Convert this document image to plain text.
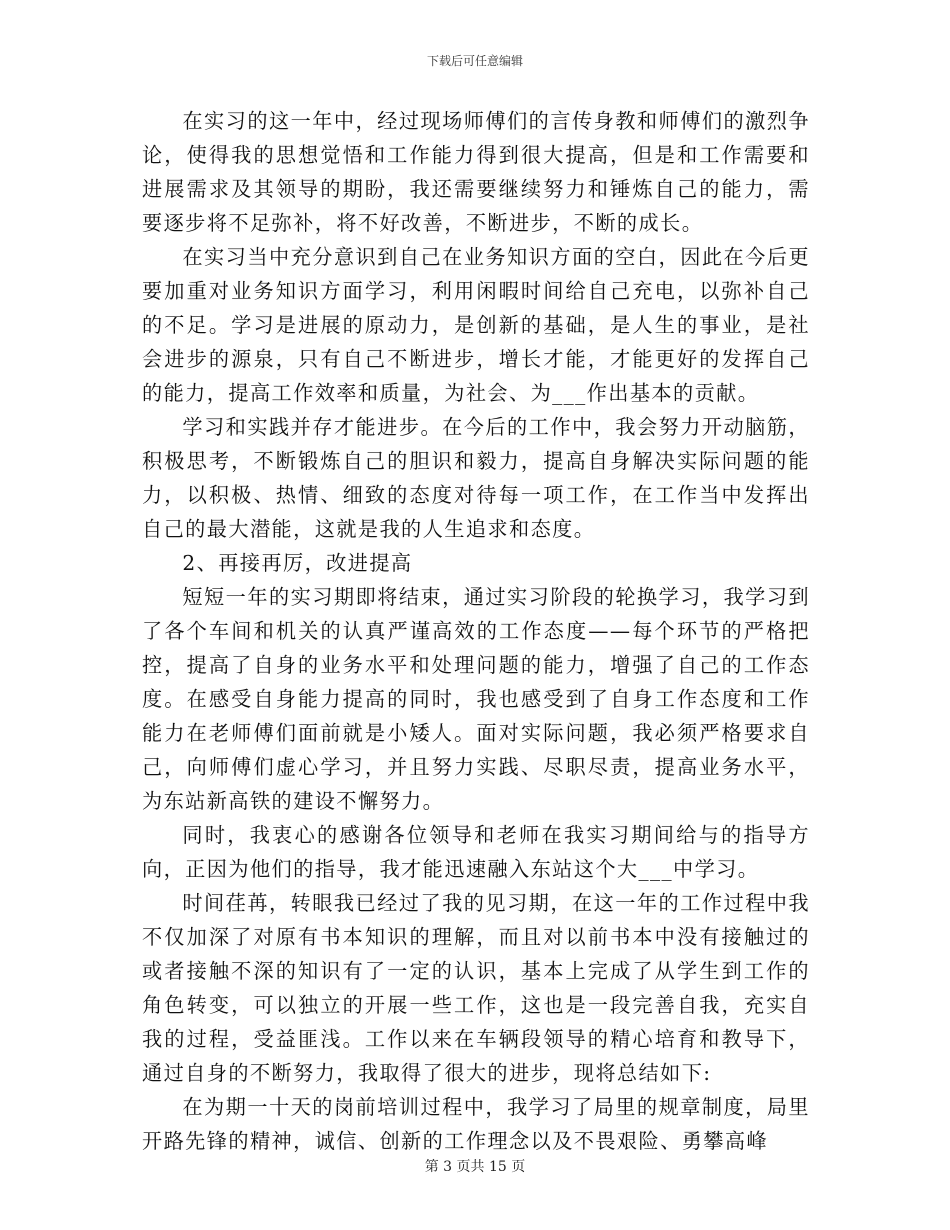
下载后可任意编辑

在实习的这一年中，经过现场师傅们的言传身教和师傅们的激烈争论，使得我的思想觉悟和工作能力得到很大提高，但是和工作需要和进展需求及其领导的期盼，我还需要继续努力和锤炼自己的能力，需要逐步将不足弥补，将不好改善，不断进步，不断的成长。

在实习当中充分意识到自己在业务知识方面的空白，因此在今后更要加重对业务知识方面学习，利用闲暇时间给自己充电，以弥补自己的不足。学习是进展的原动力，是创新的基础，是人生的事业，是社会进步的源泉，只有自己不断进步，增长才能，才能更好的发挥自己的能力，提高工作效率和质量，为社会、为___作出基本的贡献。

学习和实践并存才能进步。在今后的工作中，我会努力开动脑筋，积极思考，不断锻炼自己的胆识和毅力，提高自身解决实际问题的能力，以积极、热情、细致的态度对待每一项工作，在工作当中发挥出自己的最大潜能，这就是我的人生追求和态度。

2、再接再厉，改进提高

短短一年的实习期即将结束，通过实习阶段的轮换学习，我学习到了各个车间和机关的认真严谨高效的工作态度——每个环节的严格把控，提高了自身的业务水平和处理问题的能力，增强了自己的工作态度。在感受自身能力提高的同时，我也感受到了自身工作态度和工作能力在老师傅们面前就是小矮人。面对实际问题，我必须严格要求自己，向师傅们虚心学习，并且努力实践、尽职尽责，提高业务水平，为东站新高铁的建设不懈努力。

同时，我衷心的感谢各位领导和老师在我实习期间给与的指导方向，正因为他们的指导，我才能迅速融入东站这个大___中学习。

时间荏苒，转眼我已经过了我的见习期，在这一年的工作过程中我不仅加深了对原有书本知识的理解，而且对以前书本中没有接触过的或者接触不深的知识有了一定的认识，基本上完成了从学生到工作的角色转变，可以独立的开展一些工作，这也是一段完善自我，充实自我的过程，受益匪浅。工作以来在车辆段领导的精心培育和教导下，通过自身的不断努力，我取得了很大的进步，现将总结如下:

在为期一十天的岗前培训过程中，我学习了局里的规章制度，局里开路先锋的精神，诚信、创新的工作理念以及不畏艰险、勇攀高峰

第 3 页共 15 页
